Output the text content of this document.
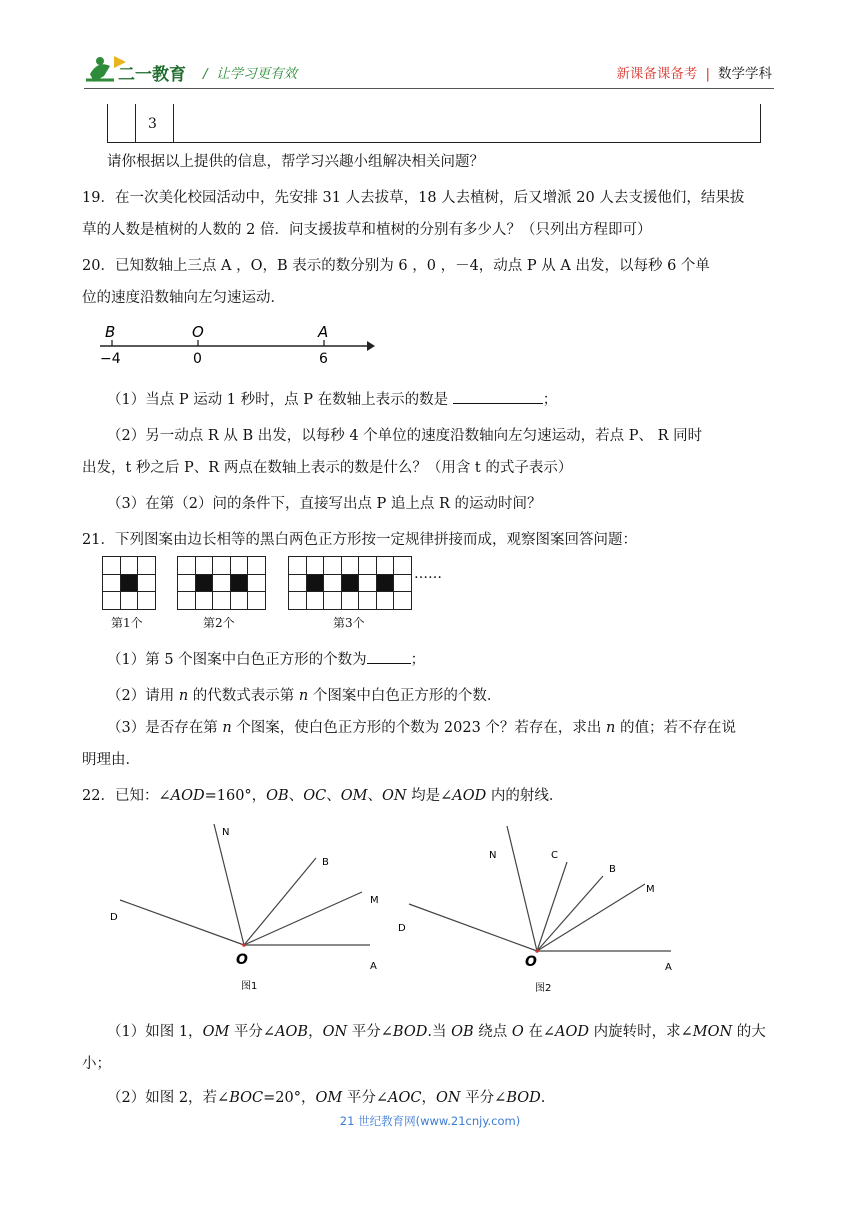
二一教育 /  让学习更有效	新课备课备考 | 数学学科
3
请你根据以上提供的信息，帮学习兴趣小组解决相关问题？
19．在一次美化校园活动中，先安排 31 人去拔草，18 人去植树，后又增派 20 人去支援他们，结果拔
草的人数是植树的人数的 2 倍．问支援拔草和植树的分别有多少人？（只列出方程即可）
20．已知数轴上三点 A ，O，B 表示的数分别为 6 ，0 ，－4，动点 P 从 A 出发，以每秒 6 个单
位的速度沿数轴向左匀速运动．
B	O	A
−4	0	6
（1）当点 P 运动 1 秒时，点 P 在数轴上表示的数是	；
（2）另一动点 R 从 B 出发，以每秒 4 个单位的速度沿数轴向左匀速运动，若点 P、 R 同时
出发，t 秒之后 P、R 两点在数轴上表示的数是什么？（用含 t 的式子表示）
（3）在第（2）问的条件下，直接写出点 P 追上点 R 的运动时间？
21．下列图案由边长相等的黑白两色正方形按一定规律拼接而成，观察图案回答问题：

……
第1个	第2个	第3个
（1）第 5 个图案中白色正方形的个数为	；
（2）请用 n 的代数式表示第 n 个图案中白色正方形的个数．
（3）是否存在第 n 个图案，使白色正方形的个数为 2023 个？若存在，求出 n 的值；若不存在说
明理由．
22．已知：∠AOD=160°，OB、OC、OM、ON 均是∠AOD 内的射线．
N
B
M
D
O	A
图1
N	C
B
M
D
O	A
图2
（1）如图 1，OM 平分∠AOB，ON 平分∠BOD.当 OB 绕点 O 在∠AOD 内旋转时，求∠MON 的大
小；
（2）如图 2，若∠BOC=20°，OM 平分∠AOC，ON 平分∠BOD.
21 世纪教育网(www.21cnjy.com)
